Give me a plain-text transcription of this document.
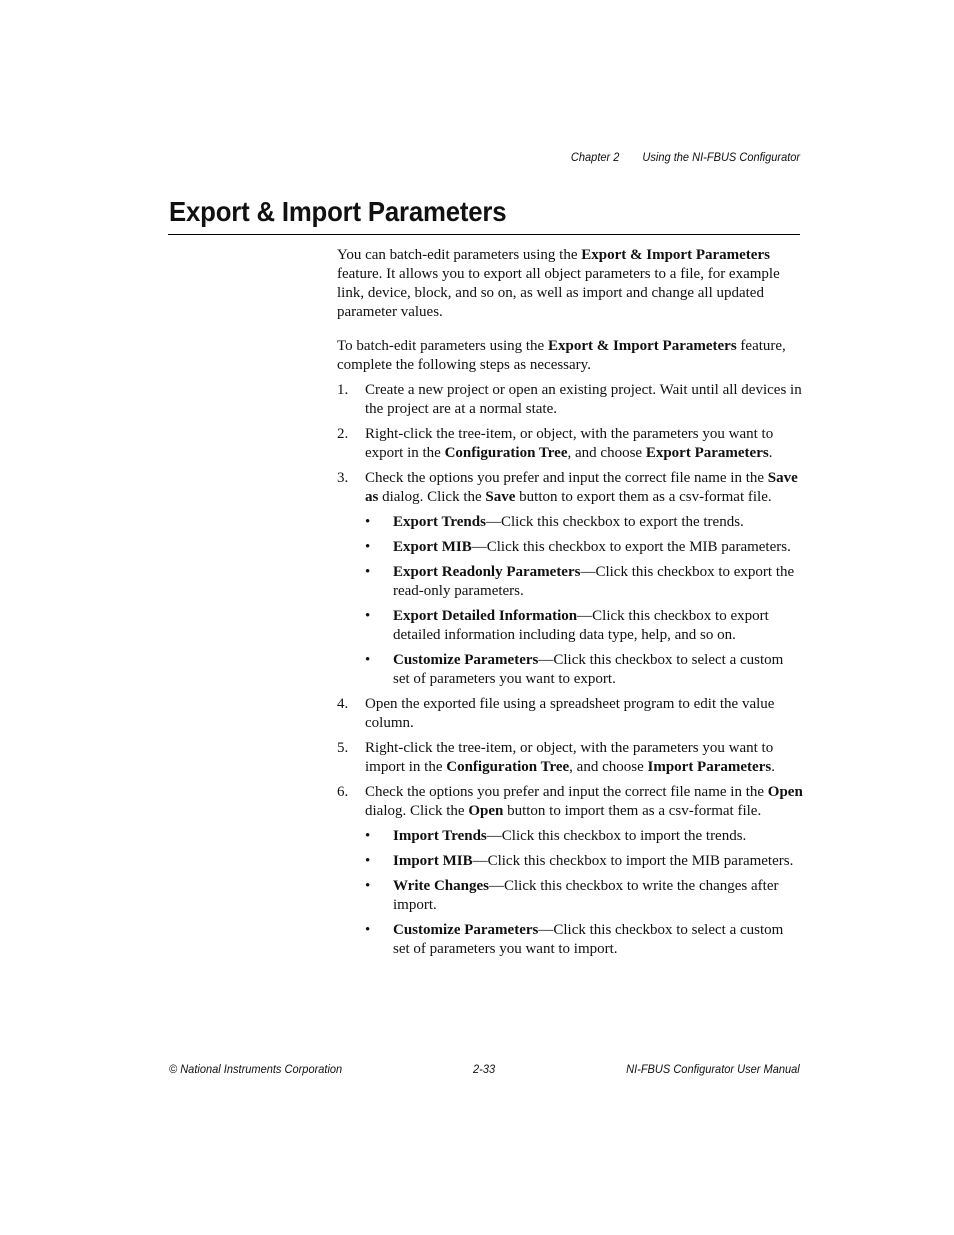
Chapter 2 Using the NI-FBUS Configurator
Export & Import Parameters

You can batch-edit parameters using the Export & Import Parameters feature. It allows you to export all object parameters to a file, for example link, device, block, and so on, as well as import and change all updated parameter values.

To batch-edit parameters using the Export & Import Parameters feature, complete the following steps as necessary.

1. Create a new project or open an existing project. Wait until all devices in the project are at a normal state.
2. Right-click the tree-item, or object, with the parameters you want to export in the Configuration Tree, and choose Export Parameters.
3. Check the options you prefer and input the correct file name in the Save as dialog. Click the Save button to export them as a csv-format file.
• Export Trends—Click this checkbox to export the trends.
• Export MIB—Click this checkbox to export the MIB parameters.
• Export Readonly Parameters—Click this checkbox to export the read-only parameters.
• Export Detailed Information—Click this checkbox to export detailed information including data type, help, and so on.
• Customize Parameters—Click this checkbox to select a custom set of parameters you want to export.
4. Open the exported file using a spreadsheet program to edit the value column.
5. Right-click the tree-item, or object, with the parameters you want to import in the Configuration Tree, and choose Import Parameters.
6. Check the options you prefer and input the correct file name in the Open dialog. Click the Open button to import them as a csv-format file.
• Import Trends—Click this checkbox to import the trends.
• Import MIB—Click this checkbox to import the MIB parameters.
• Write Changes—Click this checkbox to write the changes after import.
• Customize Parameters—Click this checkbox to select a custom set of parameters you want to import.
© National Instruments Corporation	2-33	NI-FBUS Configurator User Manual
